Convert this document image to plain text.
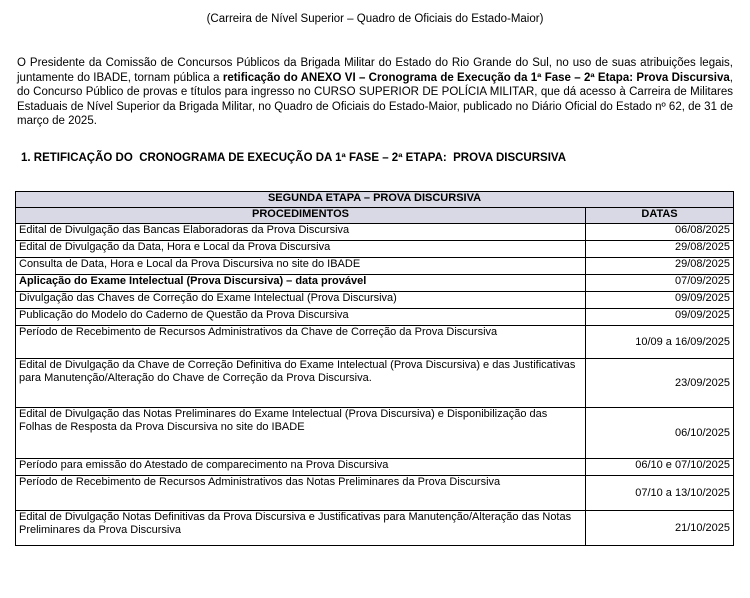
(Carreira de Nível Superior – Quadro de Oficiais do Estado-Maior)

O Presidente da Comissão de Concursos Públicos da Brigada Militar do Estado do Rio Grande do Sul, no uso de suas atribuições legais, juntamente do IBADE, tornam pública a retificação do ANEXO VI – Cronograma de Execução da 1ª Fase – 2ª Etapa: Prova Discursiva, do Concurso Público de provas e títulos para ingresso no CURSO SUPERIOR DE POLÍCIA MILITAR, que dá acesso à Carreira de Militares Estaduais de Nível Superior da Brigada Militar, no Quadro de Oficiais do Estado-Maior, publicado no Diário Oficial do Estado nº 62, de 31 de março de 2025.

1. RETIFICAÇÃO DO  CRONOGRAMA DE EXECUÇÃO DA 1ª FASE – 2ª ETAPA:  PROVA DISCURSIVA
SEGUNDA ETAPA – PROVA DISCURSIVA	
PROCEDIMENTOS	DATAS
Edital de Divulgação das Bancas Elaboradoras da Prova Discursiva	06/08/2025
Edital de Divulgação da Data, Hora e Local da Prova Discursiva	29/08/2025
Consulta de Data, Hora e Local da Prova Discursiva no site do IBADE	29/08/2025
Aplicação do Exame Intelectual (Prova Discursiva) – data provável	07/09/2025
Divulgação das Chaves de Correção do Exame Intelectual (Prova Discursiva)	09/09/2025
Publicação do Modelo do Caderno de Questão da Prova Discursiva	09/09/2025
Período de Recebimento de Recursos Administrativos da Chave de Correção da Prova Discursiva	10/09 a 16/09/2025
Edital de Divulgação da Chave de Correção Definitiva do Exame Intelectual (Prova Discursiva) e das Justificativas para Manutenção/Alteração do Chave de Correção da Prova Discursiva.	23/09/2025
Edital de Divulgação das Notas Preliminares do Exame Intelectual (Prova Discursiva) e Disponibilização das Folhas de Resposta da Prova Discursiva no site do IBADE	06/10/2025
Período para emissão do Atestado de comparecimento na Prova Discursiva	06/10 e 07/10/2025
Período de Recebimento de Recursos Administrativos das Notas Preliminares da Prova Discursiva	07/10 a 13/10/2025
Edital de Divulgação Notas Definitivas da Prova Discursiva e Justificativas para Manutenção/Alteração das Notas Preliminares da Prova Discursiva	21/10/2025
